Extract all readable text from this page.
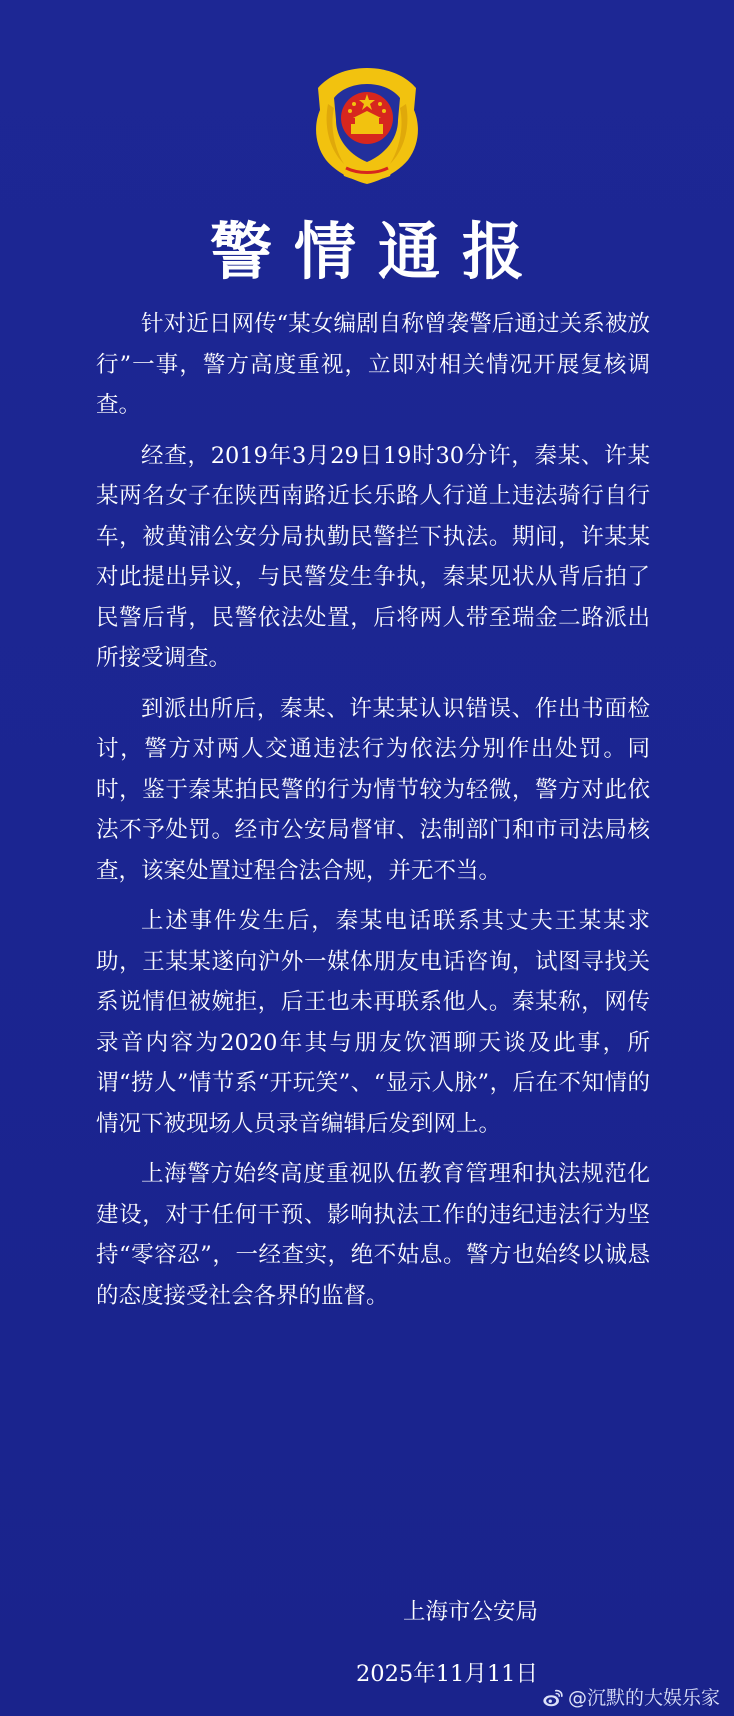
警情通报

针对近日网传“某女编剧自称曾袭警后通过关系被放行”一事，警方高度重视，立即对相关情况开展复核调查。

经查，2019年3月29日19时30分许，秦某、许某某两名女子在陕西南路近长乐路人行道上违法骑行自行车，被黄浦公安分局执勤民警拦下执法。期间，许某某对此提出异议，与民警发生争执，秦某见状从背后拍了民警后背，民警依法处置，后将两人带至瑞金二路派出所接受调查。

到派出所后，秦某、许某某认识错误、作出书面检讨，警方对两人交通违法行为依法分别作出处罚。同时，鉴于秦某拍民警的行为情节较为轻微，警方对此依法不予处罚。经市公安局督审、法制部门和市司法局核查，该案处置过程合法合规，并无不当。

上述事件发生后，秦某电话联系其丈夫王某某求助，王某某遂向沪外一媒体朋友电话咨询，试图寻找关系说情但被婉拒，后王也未再联系他人。秦某称，网传录音内容为2020年其与朋友饮酒聊天谈及此事，所谓“捞人”情节系“开玩笑”、“显示人脉”，后在不知情的情况下被现场人员录音编辑后发到网上。

上海警方始终高度重视队伍教育管理和执法规范化建设，对于任何干预、影响执法工作的违纪违法行为坚持“零容忍”，一经查实，绝不姑息。警方也始终以诚恳的态度接受社会各界的监督。

上海市公安局
2025年11月11日
@沉默的大娱乐家
